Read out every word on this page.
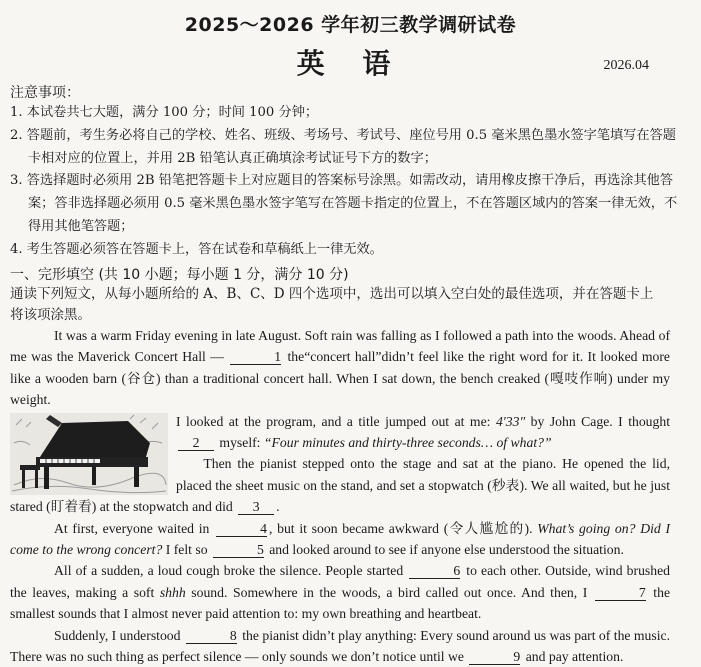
2025～2026 学年初三教学调研试卷
英 语	2026.04
注意事项：
1. 本试卷共七大题，满分 100 分；时间 100 分钟；
2. 答题前，考生务必将自己的学校、姓名、班级、考场号、考试号、座位号用 0.5 毫米黑色墨水签字笔填写在答题卡相对应的位置上，并用 2B 铅笔认真正确填涂考试证号下方的数字；
3. 答选择题时必须用 2B 铅笔把答题卡上对应题目的答案标号涂黑。如需改动，请用橡皮擦干净后，再选涂其他答案；答非选择题必须用 0.5 毫米黑色墨水签字笔写在答题卡指定的位置上，不在答题区域内的答案一律无效，不得用其他笔答题；
4. 考生答题必须答在答题卡上，答在试卷和草稿纸上一律无效。
一、完形填空 (共 10 小题；每小题 1 分，满分 10 分)
通读下列短文，从每小题所给的 A、B、C、D 四个选项中，选出可以填入空白处的最佳选项，并在答题卡上将该项涂黑。

It was a warm Friday evening in late August. Soft rain was falling as I followed a path into the woods. Ahead of me was the Maverick Concert Hall —	1 the“concert hall”didn’t feel like the right word for it. It looked more like a wooden barn (谷仓) than a traditional concert hall. When I sat down, the bench creaked (嘎吱作响) under my weight.

I looked at the program, and a title jumped out at me: 4′33″ by John Cage. I thought 2 myself: “Four minutes and thirty-three seconds… of what?”

  Then the pianist stepped onto the stage and sat at the piano. He opened the lid, placed the sheet music on the stand, and set a stopwatch (秒表). We all waited, but he just stared (盯着看) at the stopwatch and did 3 .

At first, everyone waited in	4 , but it soon became awkward (令人尴尬的). What’s going on? Did I come to the wrong concert? I felt so	5 and looked around to see if anyone else understood the situation.

All of a sudden, a loud cough broke the silence. People started	6 to each other. Outside, wind brushed the leaves, making a soft shhh sound. Somewhere in the woods, a bird called out once. And then, I	7 the smallest sounds that I almost never paid attention to: my own breathing and heartbeat.

Suddenly, I understood	8 the pianist didn’t play anything: Every sound around us was part of the music. There was no such thing as perfect silence — only sounds we don’t notice until we	9 and pay attention.
